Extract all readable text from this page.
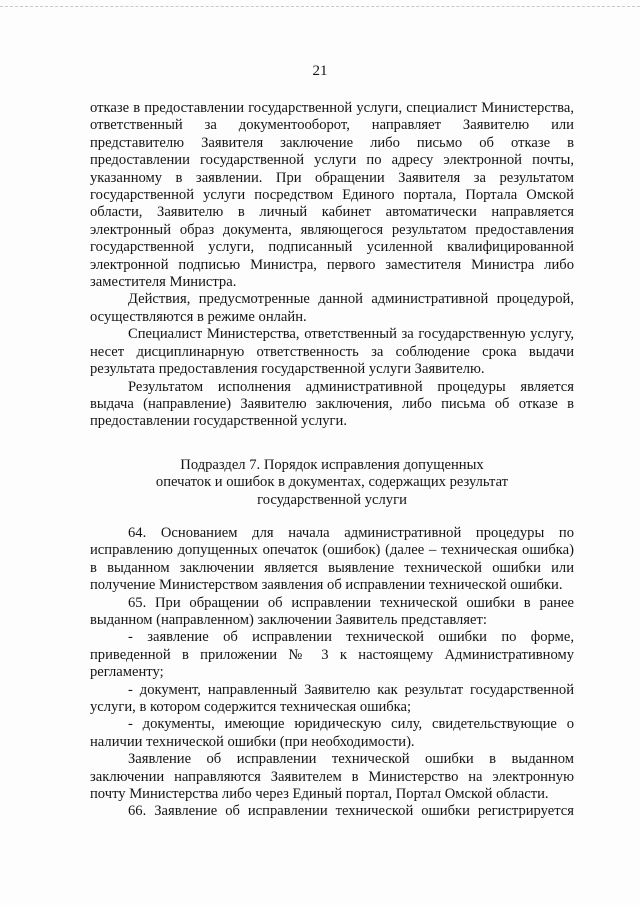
21

отказе в предоставлении государственной услуги, специалист Министерства, ответственный за документооборот, направляет Заявителю или представителю Заявителя заключение либо письмо об отказе в предоставлении государственной услуги по адресу электронной почты, указанному в заявлении. При обращении Заявителя за результатом государственной услуги посредством Единого портала, Портала Омской области, Заявителю в личный кабинет автоматически направляется электронный образ документа, являющегося результатом предоставления государственной услуги, подписанный усиленной квалифицированной электронной подписью Министра, первого заместителя Министра либо заместителя Министра.

Действия, предусмотренные данной административной процедурой, осуществляются в режиме онлайн.

Специалист Министерства, ответственный за государственную услугу, несет дисциплинарную ответственность за соблюдение срока выдачи результата предоставления государственной услуги Заявителю.

Результатом исполнения административной процедуры является выдача (направление) Заявителю заключения, либо письма об отказе в предоставлении государственной услуги.

Подраздел 7. Порядок исправления допущенных
опечаток и ошибок в документах, содержащих результат
государственной услуги

64. Основанием для начала административной процедуры по исправлению допущенных опечаток (ошибок) (далее – техническая ошибка) в выданном заключении является выявление технической ошибки или получение Министерством заявления об исправлении технической ошибки.

65. При обращении об исправлении технической ошибки в ранее выданном (направленном) заключении Заявитель представляет:

- заявление об исправлении технической ошибки по форме, приведенной в приложении № 3 к настоящему Административному регламенту;

- документ, направленный Заявителю как результат государственной услуги, в котором содержится техническая ошибка;

- документы, имеющие юридическую силу, свидетельствующие о наличии технической ошибки (при необходимости).

Заявление об исправлении технической ошибки в выданном заключении направляются Заявителем в Министерство на электронную почту Министерства либо через Единый портал, Портал Омской области.

66. Заявление об исправлении технической ошибки регистрируется
